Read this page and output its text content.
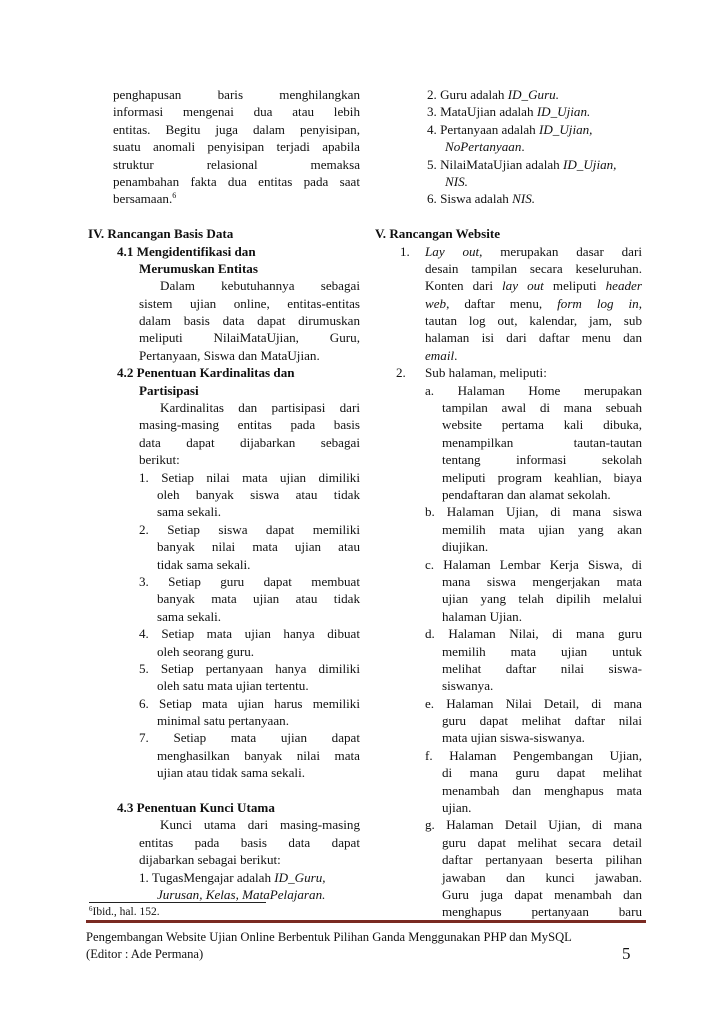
penghapusan baris menghilangkan
informasi mengenai dua atau lebih
entitas. Begitu juga dalam penyisipan,
suatu anomali penyisipan terjadi apabila
struktur relasional memaksa
penambahan fakta dua entitas pada saat
bersamaan.$^6$
IV. Rancangan Basis Data
4.1 Mengidentifikasi dan
Merumuskan Entitas
Dalam kebutuhannya sebagai
sistem ujian online, entitas-entitas
dalam basis data dapat dirumuskan
meliputi NilaiMataUjian, Guru,
Pertanyaan, Siswa dan MataUjian.
4.2 Penentuan Kardinalitas dan
Partisipasi
Kardinalitas dan partisipasi dari
masing-masing entitas pada basis
data dapat dijabarkan sebagai
berikut:
1. Setiap nilai mata ujian dimiliki
oleh banyak siswa atau tidak
sama sekali.
2. Setiap siswa dapat memiliki
banyak nilai mata ujian atau
tidak sama sekali.
3. Setiap guru dapat membuat
banyak mata ujian atau tidak
sama sekali.
4. Setiap mata ujian hanya dibuat
oleh seorang guru.
5. Setiap pertanyaan hanya dimiliki
oleh satu mata ujian tertentu.
6. Setiap mata ujian harus memiliki
minimal satu pertanyaan.
7. Setiap mata ujian dapat
menghasilkan banyak nilai mata
ujian atau tidak sama sekali.
4.3 Penentuan Kunci Utama
Kunci utama dari masing-masing
entitas pada basis data dapat
dijabarkan sebagai berikut:
1. TugasMengajar adalah ID_Guru,
Jurusan, Kelas, MataPelajaran.
2. Guru adalah ID_Guru.
3. MataUjian adalah ID_Ujian.
4. Pertanyaan adalah ID_Ujian,
NoPertanyaan.
5. NilaiMataUjian adalah ID_Ujian,
NIS.
6. Siswa adalah NIS.
V. Rancangan Website
1. Lay out, merupakan dasar dari
desain tampilan secara keseluruhan.
Konten dari lay out meliputi header
web, daftar menu, form log in,
tautan log out, kalendar, jam, sub
halaman isi dari daftar menu dan
email.
2. Sub halaman, meliputi:
a. Halaman Home merupakan
tampilan awal di mana sebuah
website pertama kali dibuka,
menampilkan tautan-tautan
tentang informasi sekolah
meliputi program keahlian, biaya
pendaftaran dan alamat sekolah.
b. Halaman Ujian, di mana siswa
memilih mata ujian yang akan
diujikan.
c. Halaman Lembar Kerja Siswa, di
mana siswa mengerjakan mata
ujian yang telah dipilih melalui
halaman Ujian.
d. Halaman Nilai, di mana guru
memilih mata ujian untuk
melihat daftar nilai siswa-
siswanya.
e. Halaman Nilai Detail, di mana
guru dapat melihat daftar nilai
mata ujian siswa-siswanya.
f. Halaman Pengembangan Ujian,
di mana guru dapat melihat
menambah dan menghapus mata
ujian.
g. Halaman Detail Ujian, di mana
guru dapat melihat secara detail
daftar pertanyaan beserta pilihan
jawaban dan kunci jawaban.
Guru juga dapat menambah dan
menghapus pertanyaan baru
$^6$Ibid., hal. 152.
Pengembangan Website Ujian Online Berbentuk Pilihan Ganda Menggunakan PHP dan MySQL
(Editor : Ade Permana)	5
